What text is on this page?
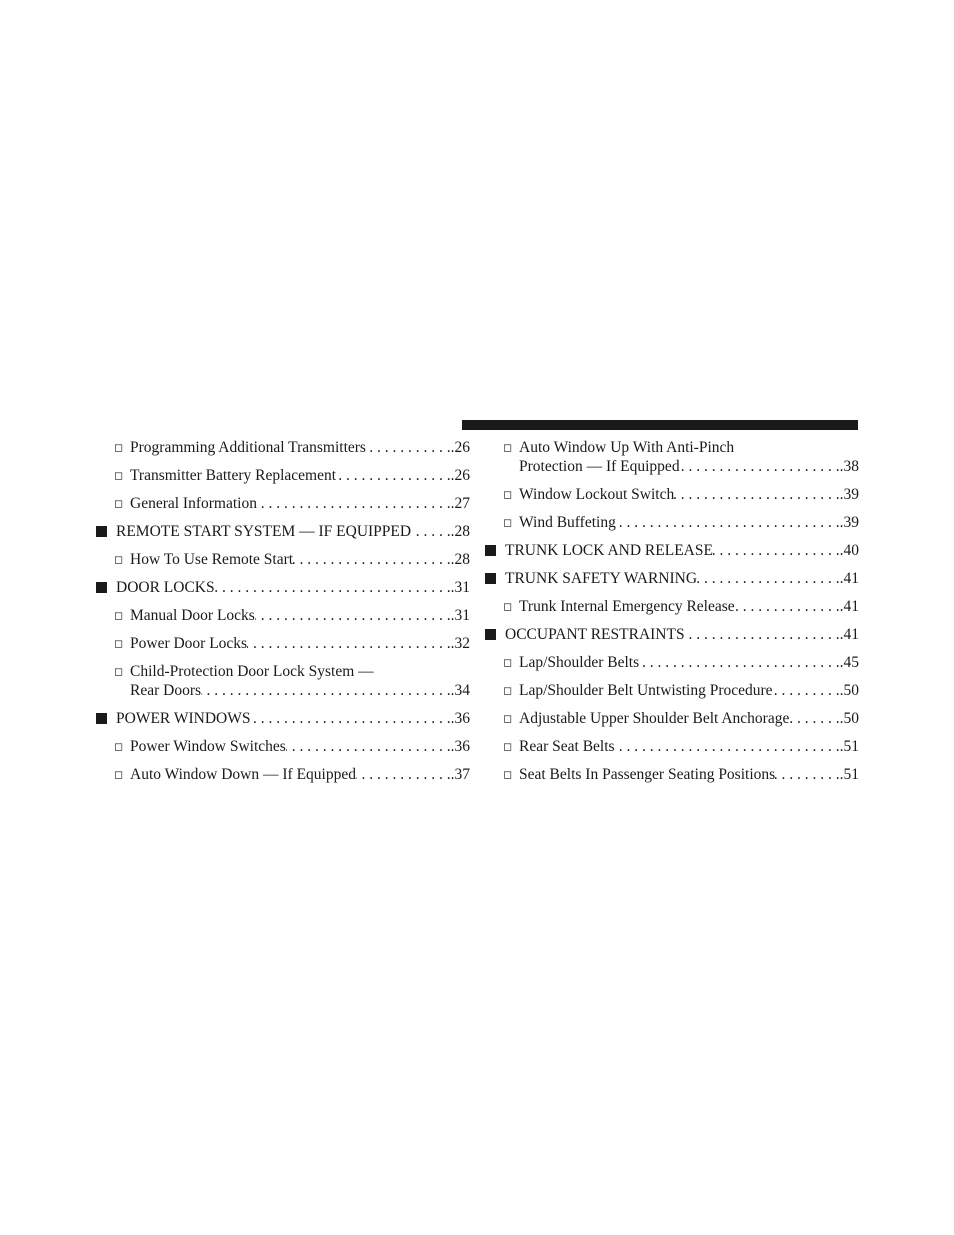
◻ Programming Additional Transmitters . . .	. 26
◻ Transmitter Battery Replacement . . .	. 26
◻ General Information . . .	. 27
REMOTE START SYSTEM — IF EQUIPPED . . .	. 28
◻ How To Use Remote Start . . .	. 28
DOOR LOCKS . . .	. 31
◻ Manual Door Locks . . .	. 31
◻ Power Door Locks . . .	. 32
◻ Child-Protection Door Lock System —
Rear Doors . . .	. 34
POWER WINDOWS . . .	. 36
◻ Power Window Switches . . .	. 36
◻ Auto Window Down — If Equipped . . .	. 37
◻ Auto Window Up With Anti-Pinch
Protection — If Equipped . . .	. 38
◻ Window Lockout Switch . . .	. 39
◻ Wind Buffeting . . .	. 39
TRUNK LOCK AND RELEASE . . .	. 40
TRUNK SAFETY WARNING . . .	. 41
◻ Trunk Internal Emergency Release . . .	. 41
OCCUPANT RESTRAINTS . . .	. 41
◻ Lap/Shoulder Belts . . .	. 45
◻ Lap/Shoulder Belt Untwisting Procedure . . .	. 50
◻ Adjustable Upper Shoulder Belt Anchorage . . .	. 50
◻ Rear Seat Belts . . .	. 51
◻ Seat Belts In Passenger Seating Positions . . .	. 51
